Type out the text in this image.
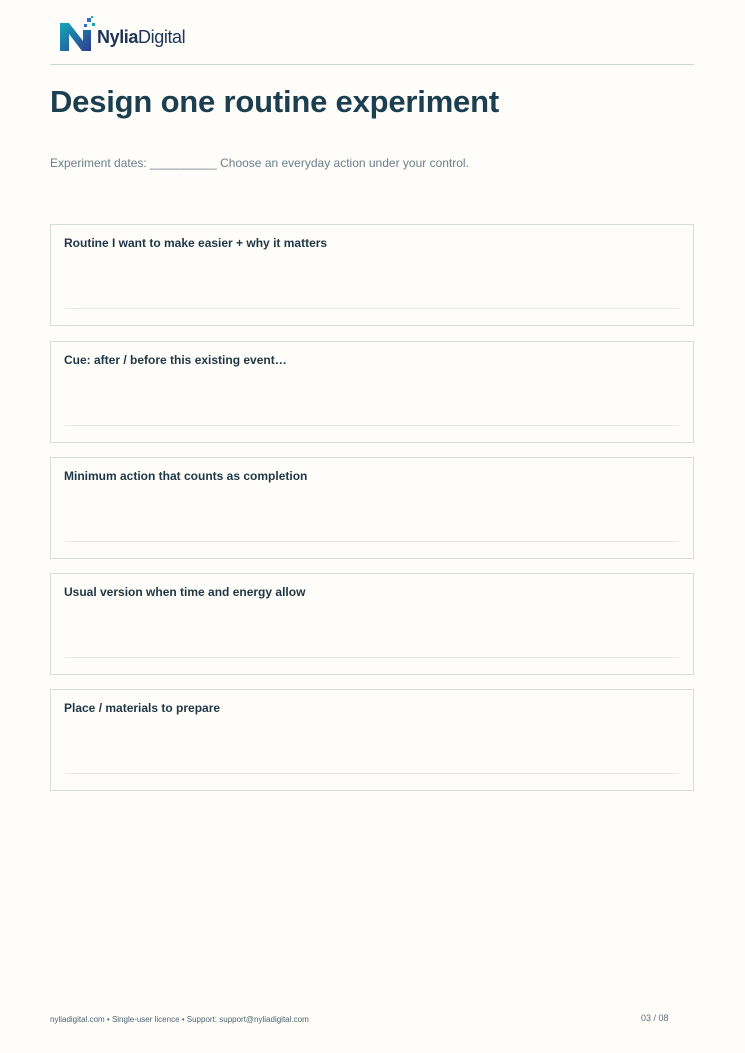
NyliaDigital
Design one routine experiment
Experiment dates: __________ Choose an everyday action under your control.
Routine I want to make easier + why it matters
Cue: after / before this existing event…
Minimum action that counts as completion
Usual version when time and energy allow
Place / materials to prepare
nyliadigital.com • Single-user licence • Support: support@nyliadigital.com	03 / 08
